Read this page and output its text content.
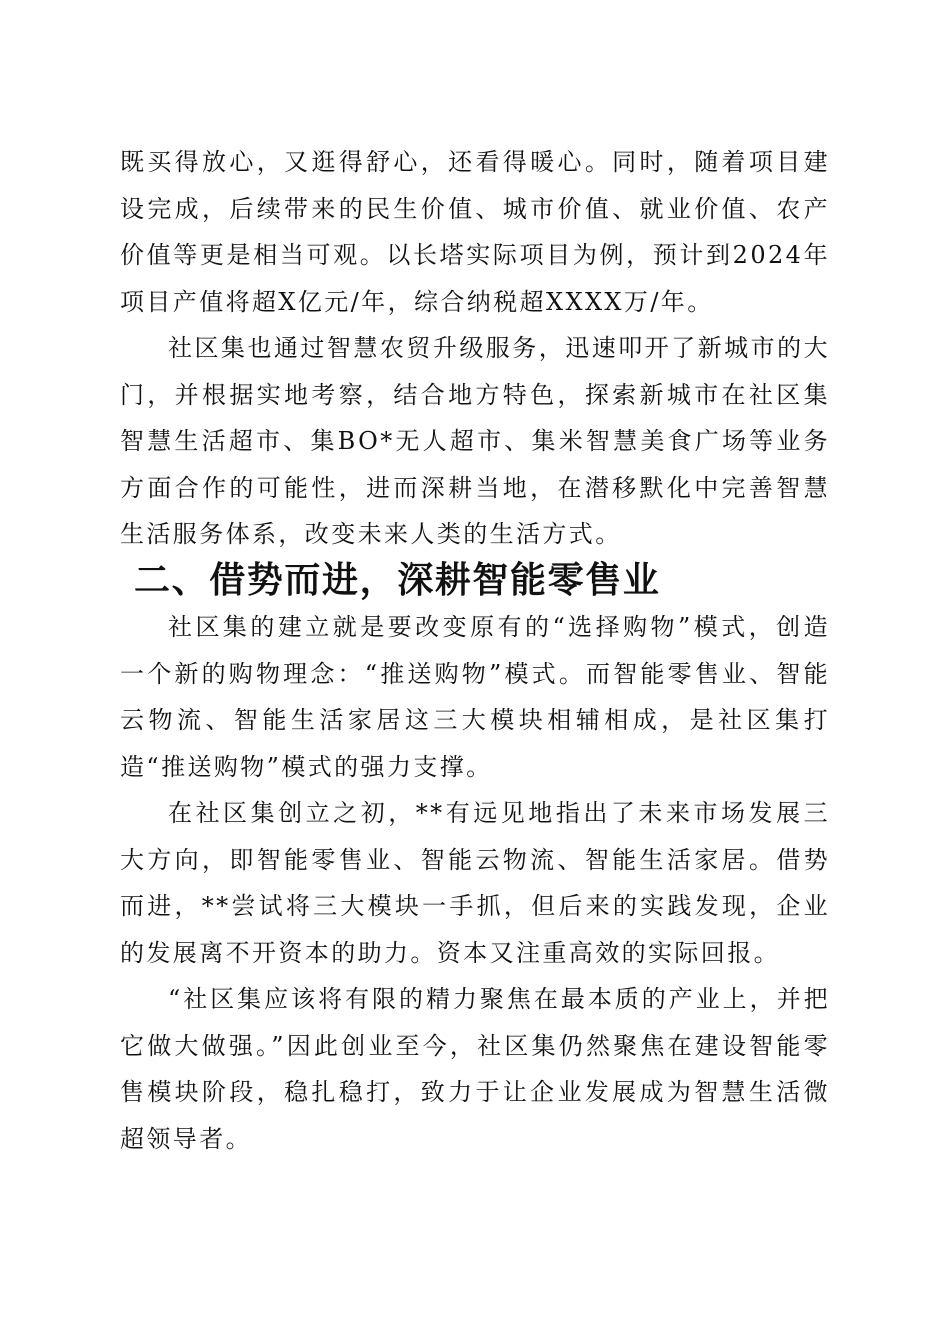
既买得放心，又逛得舒心，还看得暖心。同时，随着项目建设完成，后续带来的民生价值、城市价值、就业价值、农产价值等更是相当可观。以长塔实际项目为例，预计到2024年项目产值将超X亿元/年，综合纳税超XXXX万/年。

社区集也通过智慧农贸升级服务，迅速叩开了新城市的大门，并根据实地考察，结合地方特色，探索新城市在社区集智慧生活超市、集BO*无人超市、集米智慧美食广场等业务方面合作的可能性，进而深耕当地，在潜移默化中完善智慧生活服务体系，改变未来人类的生活方式。

二、借势而进，深耕智能零售业

社区集的建立就是要改变原有的“选择购物”模式，创造一个新的购物理念：“推送购物”模式。而智能零售业、智能云物流、智能生活家居这三大模块相辅相成，是社区集打造“推送购物”模式的强力支撑。

在社区集创立之初，**有远见地指出了未来市场发展三大方向，即智能零售业、智能云物流、智能生活家居。借势而进，**尝试将三大模块一手抓，但后来的实践发现，企业的发展离不开资本的助力。资本又注重高效的实际回报。

“社区集应该将有限的精力聚焦在最本质的产业上，并把它做大做强。”因此创业至今，社区集仍然聚焦在建设智能零售模块阶段，稳扎稳打，致力于让企业发展成为智慧生活微超领导者。
